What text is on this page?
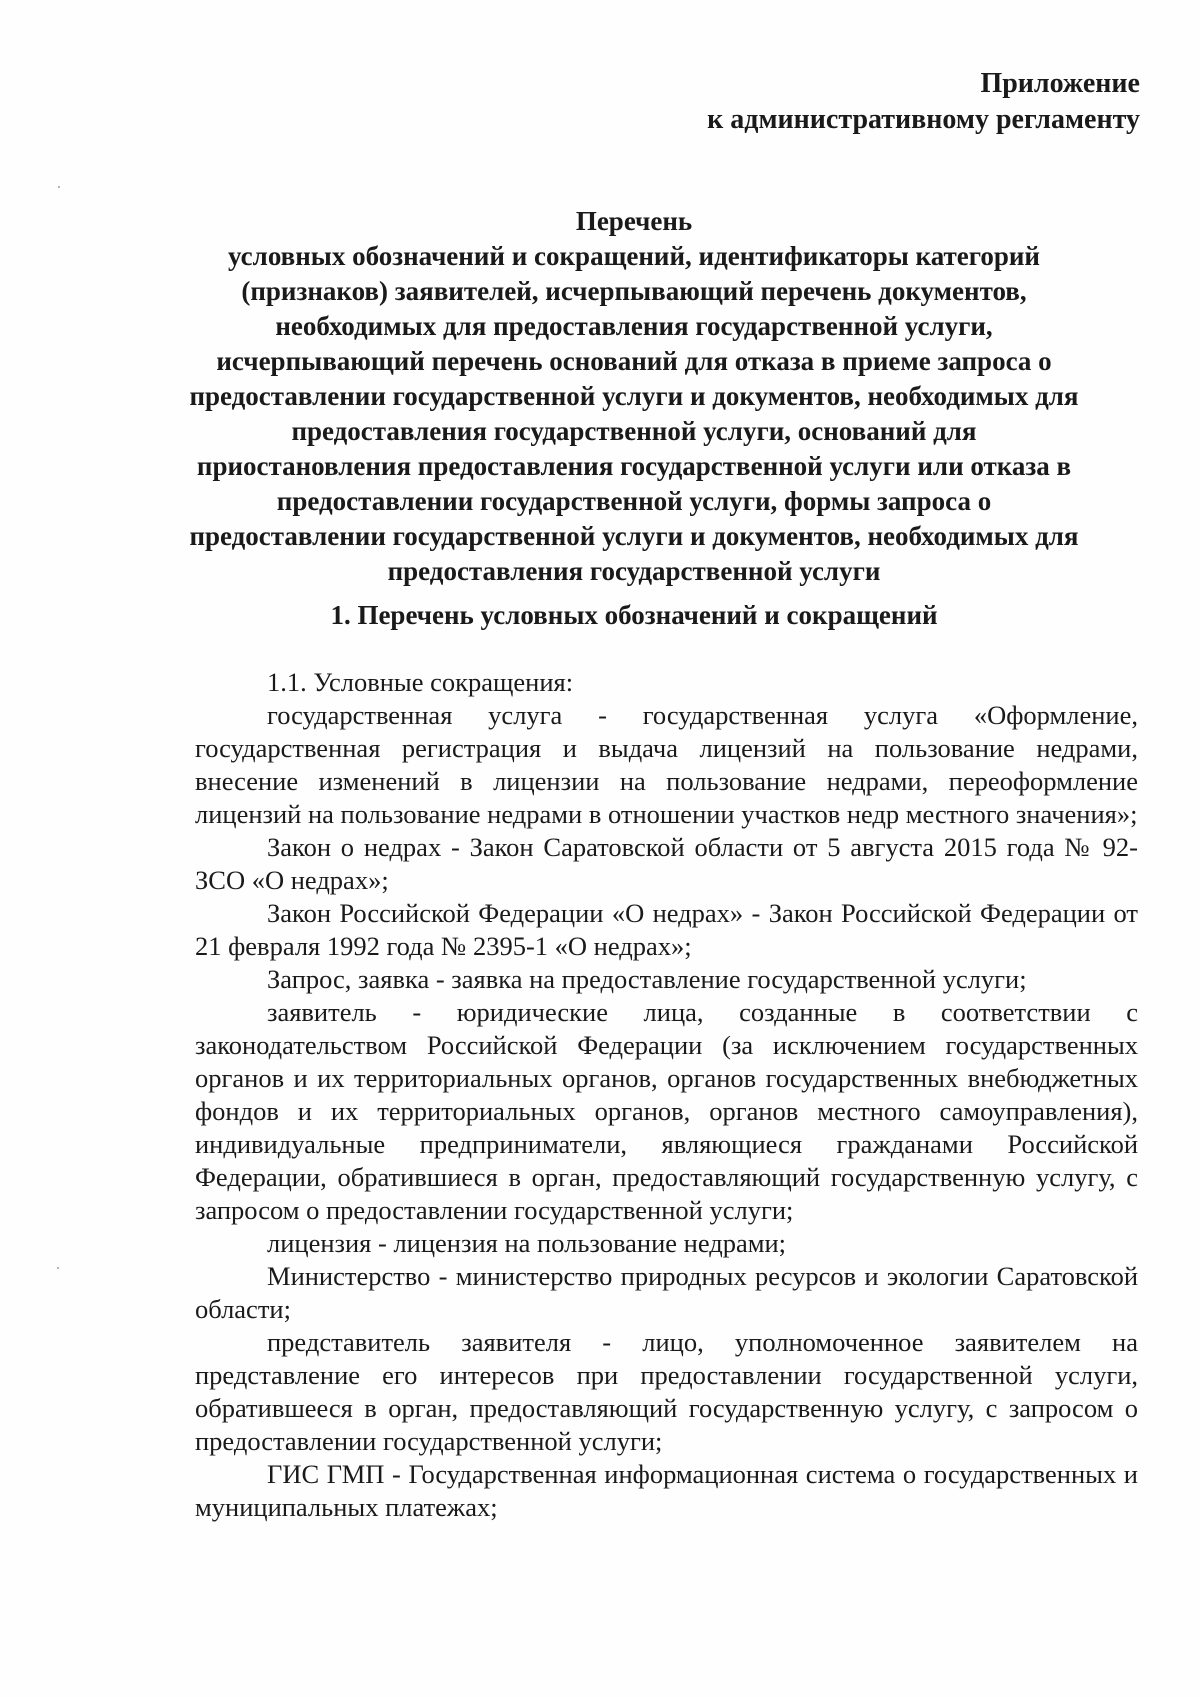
Приложение
к административному регламенту
Перечень
условных обозначений и сокращений, идентификаторы категорий
(признаков) заявителей, исчерпывающий перечень документов,
необходимых для предоставления государственной услуги,
исчерпывающий перечень оснований для отказа в приеме запроса о
предоставлении государственной услуги и документов, необходимых для
предоставления государственной услуги, оснований для
приостановления предоставления государственной услуги или отказа в
предоставлении государственной услуги, формы запроса о
предоставлении государственной услуги и документов, необходимых для
предоставления государственной услуги
1. Перечень условных обозначений и сокращений

1.1. Условные сокращения:

государственная услуга - государственная услуга «Оформление, государственная регистрация и выдача лицензий на пользование недрами, внесение изменений в лицензии на пользование недрами, переоформление лицензий на пользование недрами в отношении участков недр местного значения»;

Закон о недрах - Закон Саратовской области от 5 августа 2015 года № 92-ЗСО «О недрах»;

Закон Российской Федерации «О недрах» - Закон Российской Федерации от 21 февраля 1992 года № 2395-1 «О недрах»;

Запрос, заявка - заявка на предоставление государственной услуги;

заявитель - юридические лица, созданные в соответствии с законодательством Российской Федерации (за исключением государственных органов и их территориальных органов, органов государственных внебюджетных фондов и их территориальных органов, органов местного самоуправления), индивидуальные предприниматели, являющиеся гражданами Российской Федерации, обратившиеся в орган, предоставляющий государственную услугу, с запросом о предоставлении государственной услуги;

лицензия - лицензия на пользование недрами;

Министерство - министерство природных ресурсов и экологии Саратовской области;

представитель заявителя - лицо, уполномоченное заявителем на представление его интересов при предоставлении государственной услуги, обратившееся в орган, предоставляющий государственную услугу, с запросом о предоставлении государственной услуги;

ГИС ГМП - Государственная информационная система о государственных и муниципальных платежах;
